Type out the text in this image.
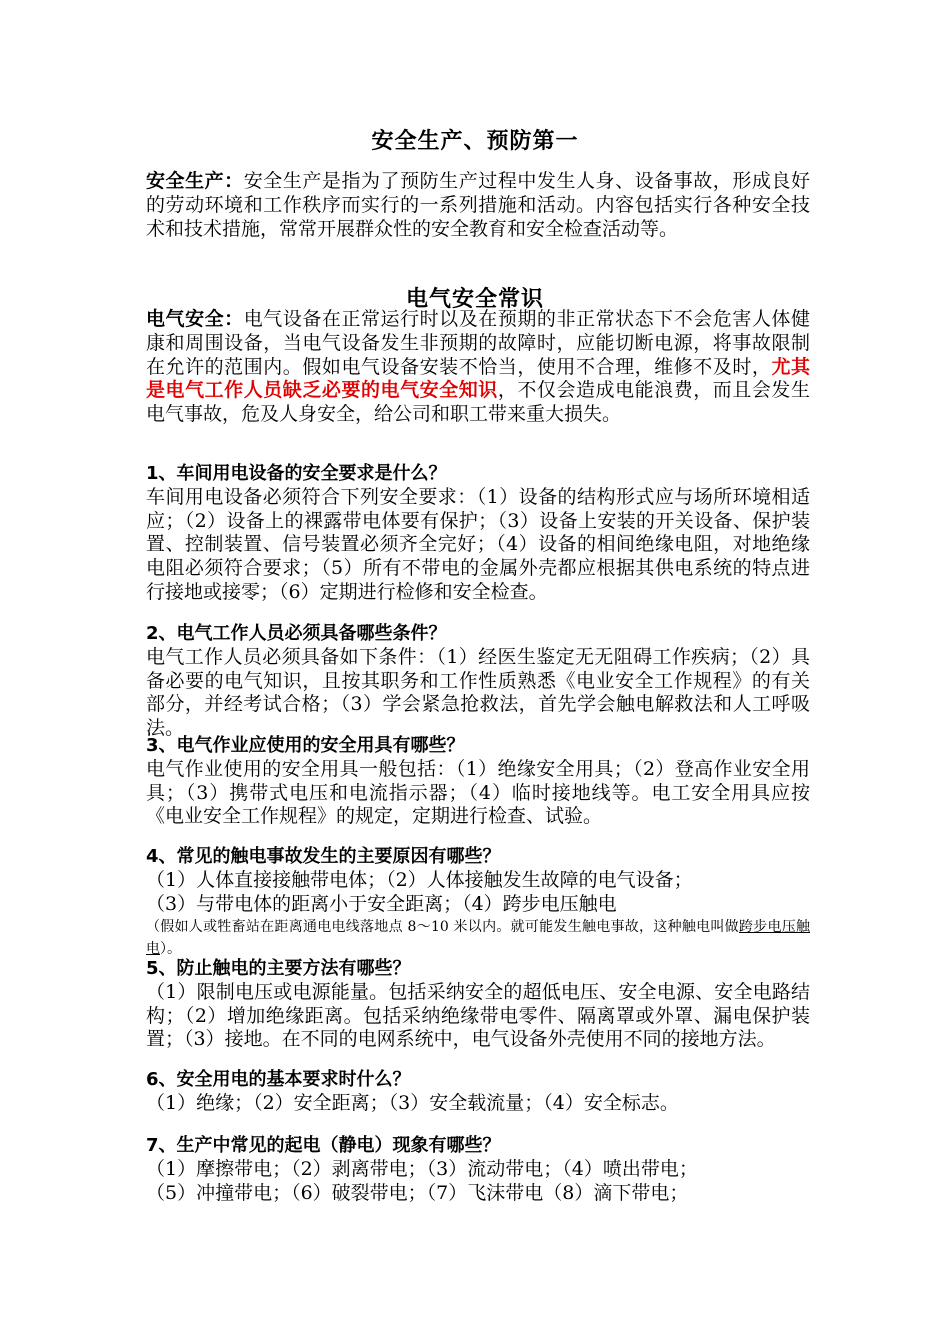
安全生产、预防第一
安全生产：安全生产是指为了预防生产过程中发生人身、设备事故，形成良好的劳动环境和工作秩序而实行的一系列措施和活动。内容包括实行各种安全技术和技术措施，常常开展群众性的安全教育和安全检查活动等。
电气安全常识
电气安全：电气设备在正常运行时以及在预期的非正常状态下不会危害人体健康和周围设备，当电气设备发生非预期的故障时，应能切断电源，将事故限制在允许的范围内。假如电气设备安装不恰当，使用不合理，维修不及时，尤其是电气工作人员缺乏必要的电气安全知识，不仅会造成电能浪费，而且会发生电气事故，危及人身安全，给公司和职工带来重大损失。
1、车间用电设备的安全要求是什么？
车间用电设备必须符合下列安全要求：（1）设备的结构形式应与场所环境相适应；（2）设备上的裸露带电体要有保护；（3）设备上安装的开关设备、保护装置、控制装置、信号装置必须齐全完好；（4）设备的相间绝缘电阻，对地绝缘电阻必须符合要求；（5）所有不带电的金属外壳都应根据其供电系统的特点进行接地或接零；（6）定期进行检修和安全检查。
2、电气工作人员必须具备哪些条件？
电气工作人员必须具备如下条件：（1）经医生鉴定无无阻碍工作疾病；（2）具备必要的电气知识，且按其职务和工作性质熟悉《电业安全工作规程》的有关部分，并经考试合格；（3）学会紧急抢救法，首先学会触电解救法和人工呼吸法。
3、电气作业应使用的安全用具有哪些？
电气作业使用的安全用具一般包括：（1）绝缘安全用具；（2）登高作业安全用具；（3）携带式电压和电流指示器；（4）临时接地线等。电工安全用具应按《电业安全工作规程》的规定，定期进行检查、试验。
4、常见的触电事故发生的主要原因有哪些？
（1）人体直接接触带电体；（2）人体接触发生故障的电气设备；
（3）与带电体的距离小于安全距离；（4）跨步电压触电
（假如人或牲畜站在距离通电电线落地点 8～10 米以内。就可能发生触电事故，这种触电叫做跨步电压触电）。
5、防止触电的主要方法有哪些？
（1）限制电压或电源能量。包括采纳安全的超低电压、安全电源、安全电路结构；（2）增加绝缘距离。包括采纳绝缘带电零件、隔离罩或外罩、漏电保护装置；（3）接地。在不同的电网系统中，电气设备外壳使用不同的接地方法。
6、安全用电的基本要求时什么？
（1）绝缘；（2）安全距离；（3）安全载流量；（4）安全标志。
7、生产中常见的起电（静电）现象有哪些？
（1）摩擦带电；（2）剥离带电；（3）流动带电；（4）喷出带电；
（5）冲撞带电；（6）破裂带电；（7）飞沫带电（8）滴下带电；
